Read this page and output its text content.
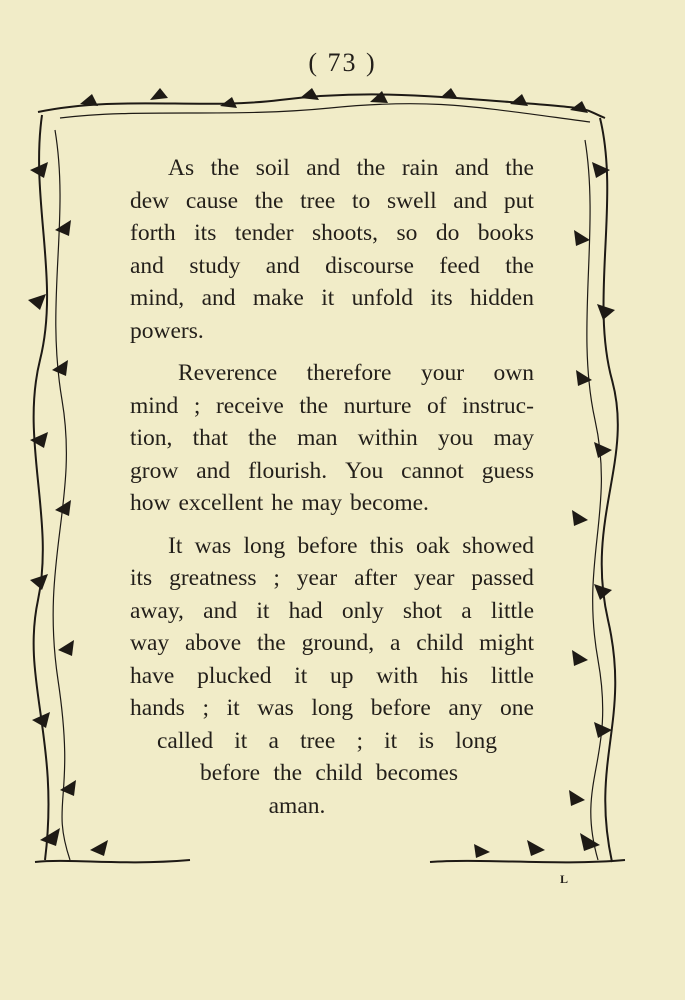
( 73 )
As the soil and the rain and the
dew cause the tree to swell and put
forth its tender shoots, so do books
and study and discourse feed the
mind, and make it unfold its hidden
powers.
Reverence therefore your own
mind ; receive the nurture of instruc-
tion, that the man within you may
grow and flourish. You cannot guess
how excellent he may become.
It was long before this oak showed
its greatness ; year after year passed
away, and it had only shot a little
way above the ground, a child might
have plucked it up with his little
hands ; it was long before any one
called it a tree ; it is long
before the child becomes
a man.
L
